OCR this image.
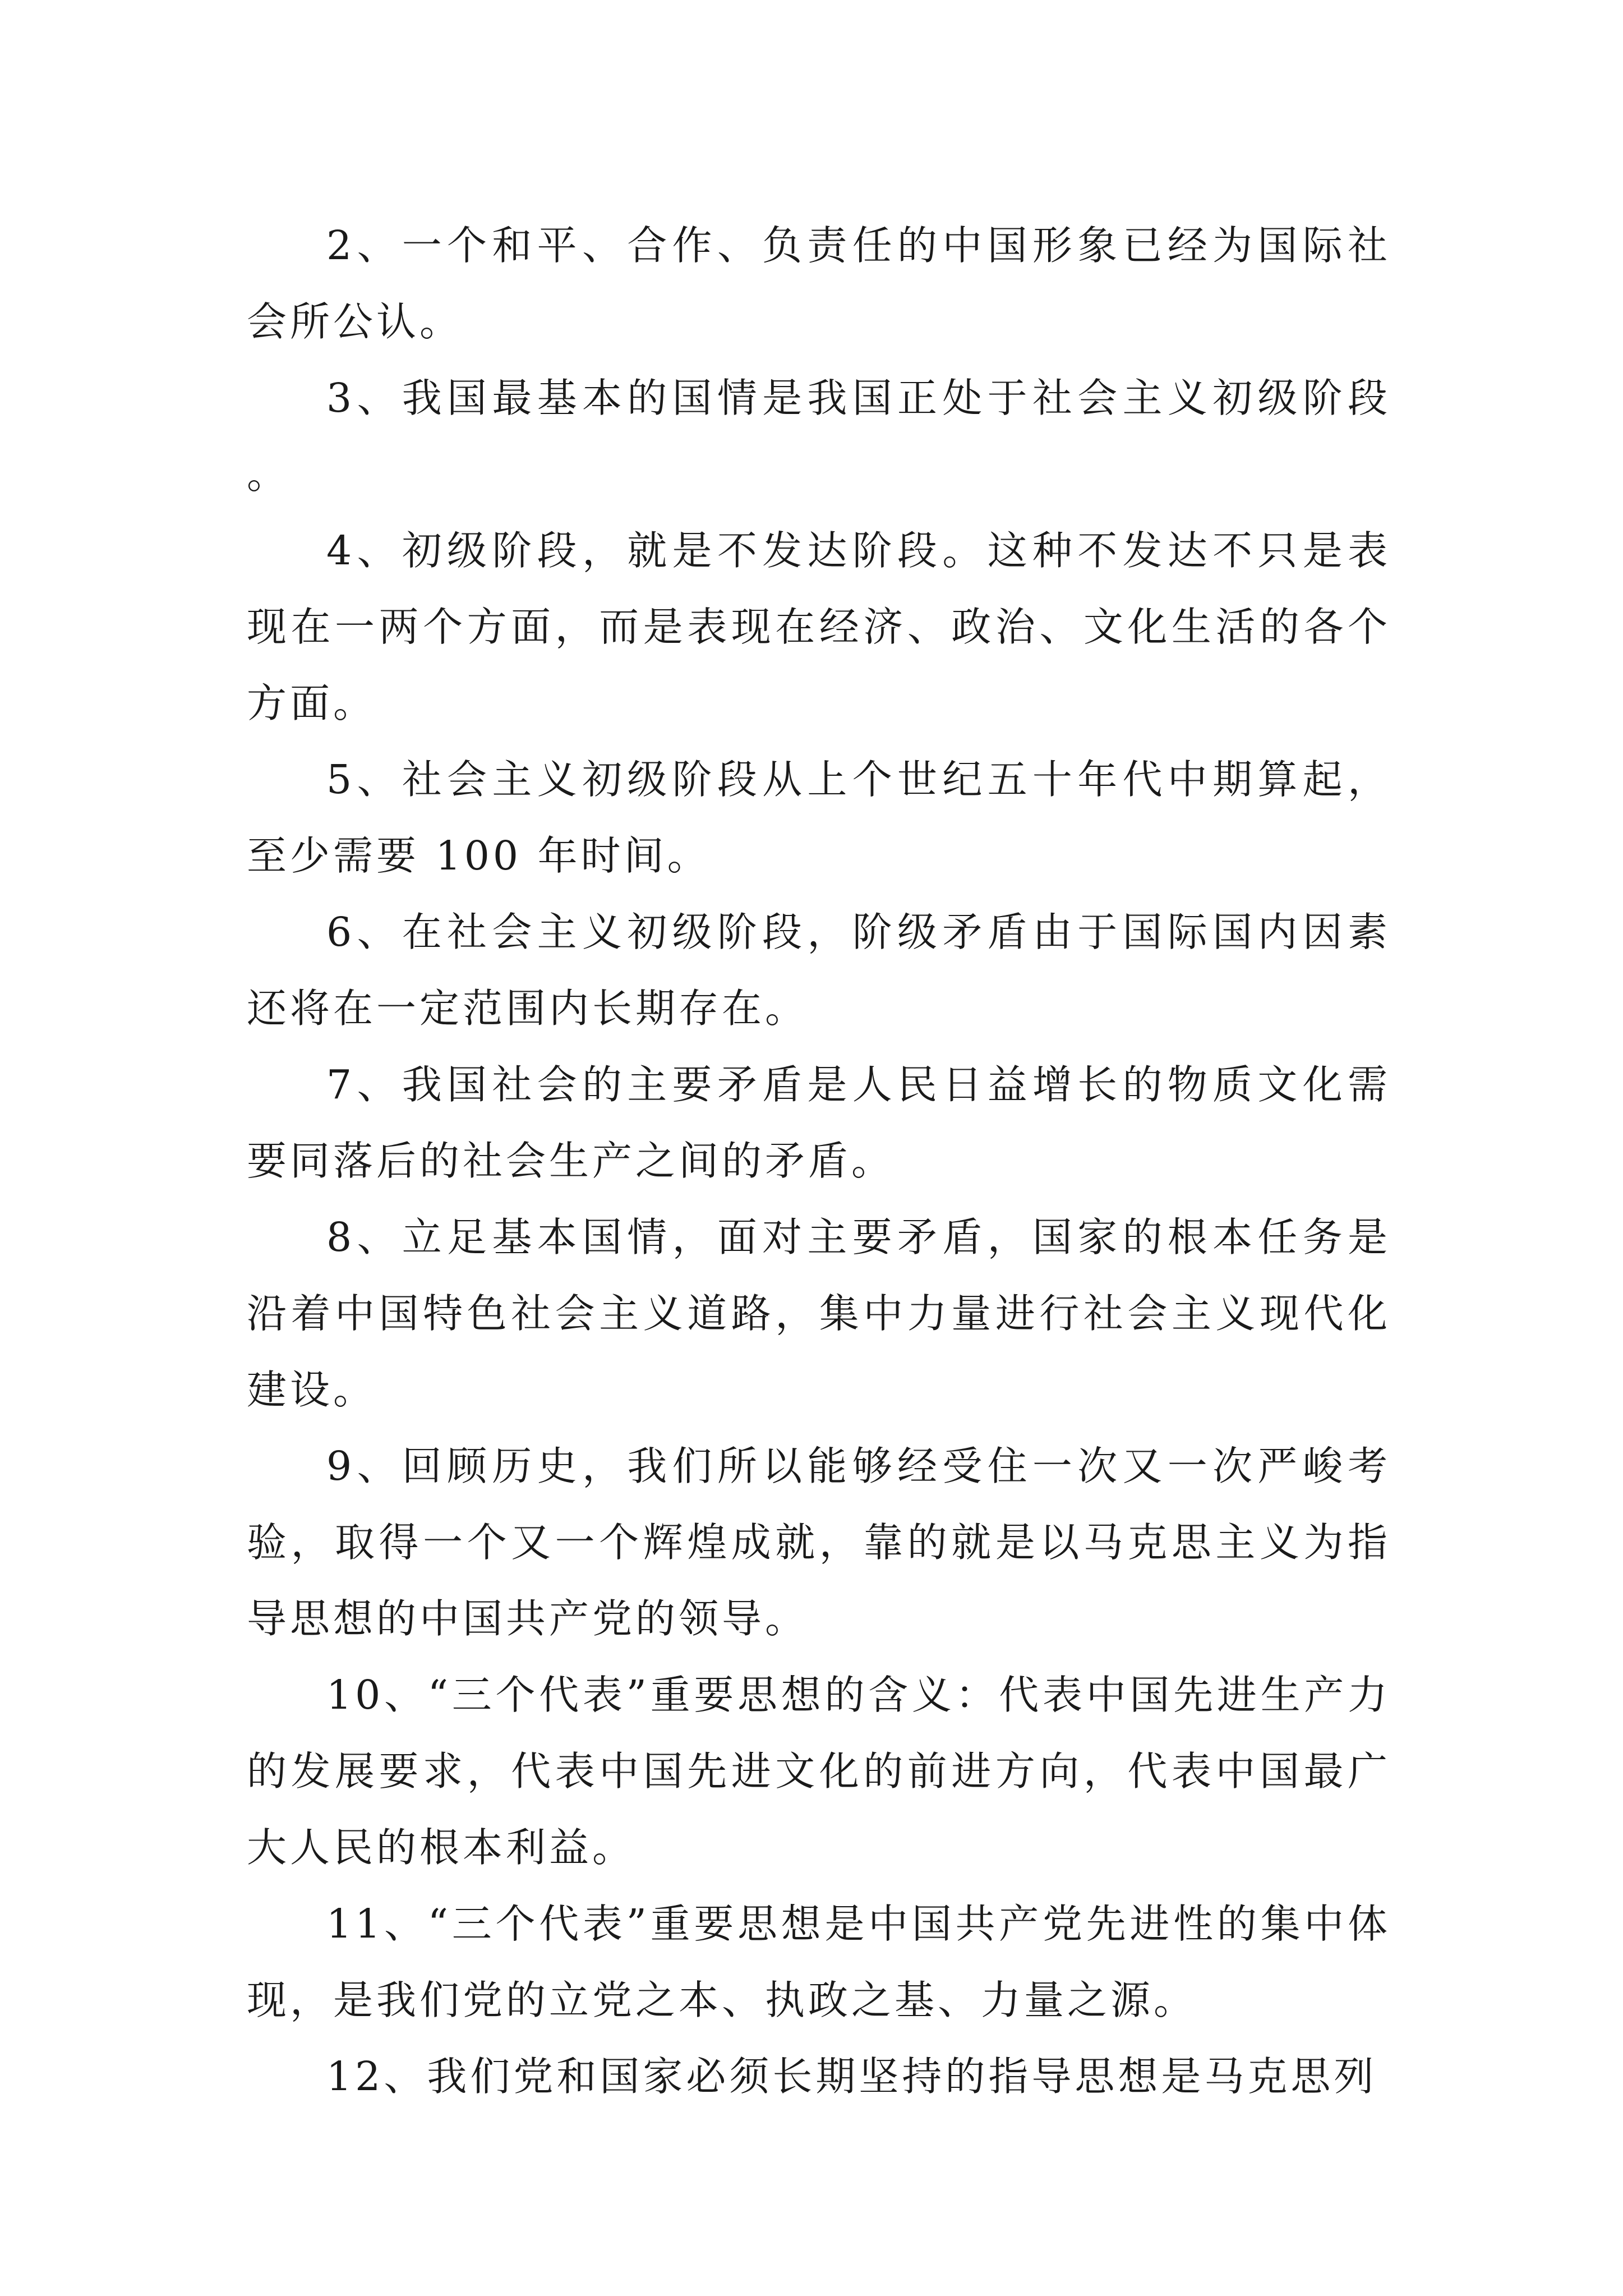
2、一个和平、合作、负责任的中国形象已经为国际社会所公认。

3、我国最基本的国情是我国正处于社会主义初级阶段。

4、初级阶段，就是不发达阶段。这种不发达不只是表现在一两个方面，而是表现在经济、政治、文化生活的各个方面。

5、社会主义初级阶段从上个世纪五十年代中期算起，至少需要 100 年时间。

6、在社会主义初级阶段，阶级矛盾由于国际国内因素还将在一定范围内长期存在。

7、我国社会的主要矛盾是人民日益增长的物质文化需要同落后的社会生产之间的矛盾。

8、立足基本国情，面对主要矛盾，国家的根本任务是沿着中国特色社会主义道路，集中力量进行社会主义现代化建设。

9、回顾历史，我们所以能够经受住一次又一次严峻考验，取得一个又一个辉煌成就，靠的就是以马克思主义为指导思想的中国共产党的领导。

10、“三个代表”重要思想的含义：代表中国先进生产力的发展要求，代表中国先进文化的前进方向，代表中国最广大人民的根本利益。

11、“三个代表”重要思想是中国共产党先进性的集中体现，是我们党的立党之本、执政之基、力量之源。

12、我们党和国家必须长期坚持的指导思想是马克思列
